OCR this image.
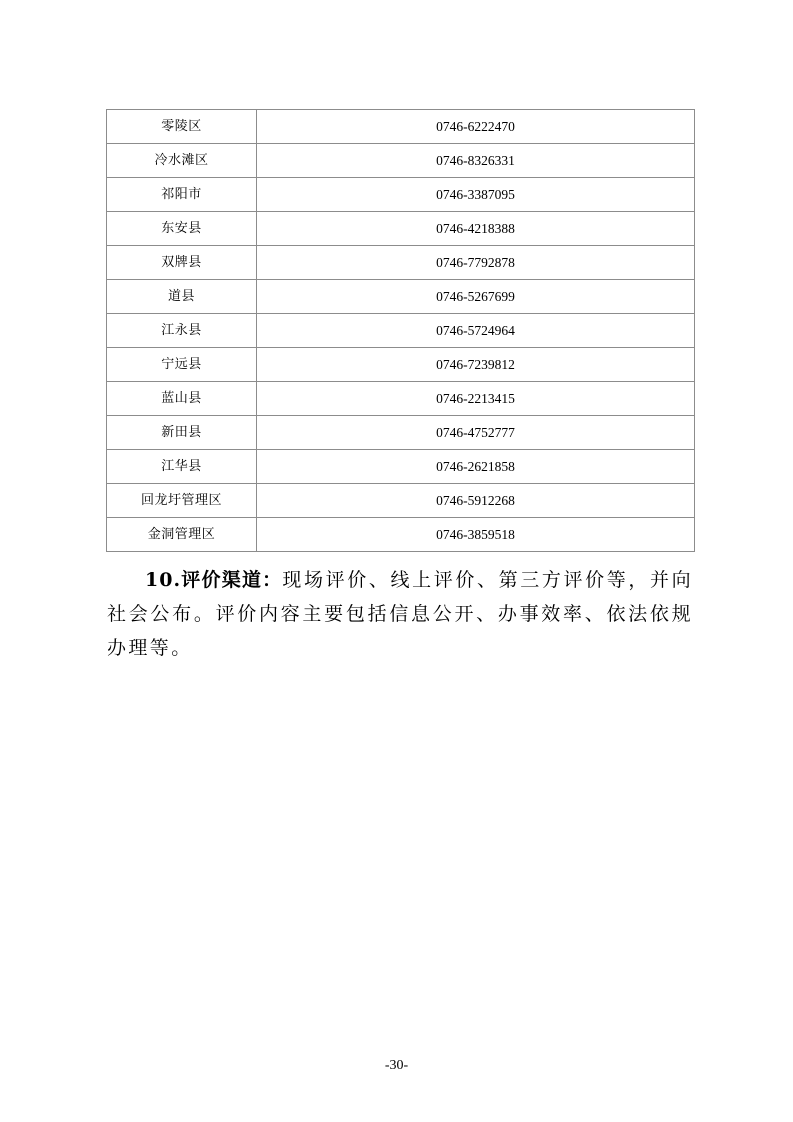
零陵区	0746-6222470
冷水滩区	0746-8326331
祁阳市	0746-3387095
东安县	0746-4218388
双牌县	0746-7792878
道县	0746-5267699
江永县	0746-5724964
宁远县	0746-7239812
蓝山县	0746-2213415
新田县	0746-4752777
江华县	0746-2621858
回龙圩管理区	0746-5912268
金洞管理区	0746-3859518

10.评价渠道：现场评价、线上评价、第三方评价等，并向社会公布。评价内容主要包括信息公开、办事效率、依法依规办理等。

-30-
